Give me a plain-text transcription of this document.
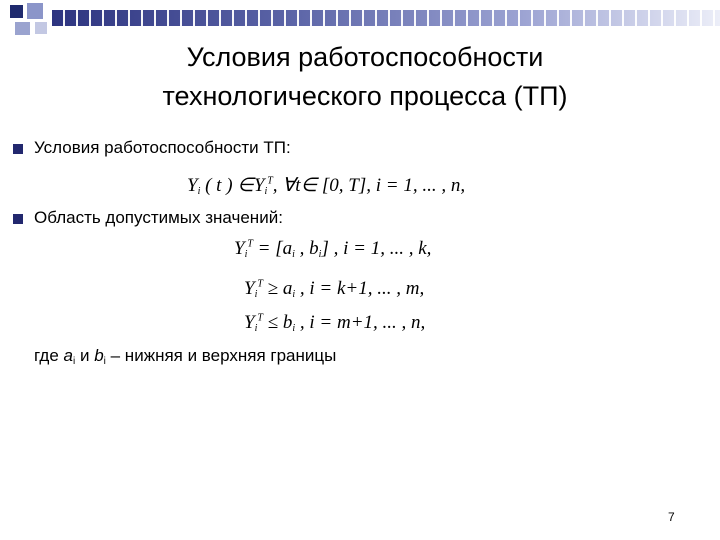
Условия работоспособности
технологического процесса (ТП)
Условия работоспособности ТП:
$Y_i$ ( t ) $\in Y_i^T$, ∀t∈ [0, T], i = 1, ... , n,
Область допустимых значений:
$Y_i^T = [a_i$ , $b_i$] , i = 1, ... , k,
$Y_i^T \ge a_i$ , i = k+1, ... , m,
$Y_i^T \le b_i$ , i = m+1, ... , n,
где $a_i$ и $b_i$ – нижняя и верхняя границы
7
